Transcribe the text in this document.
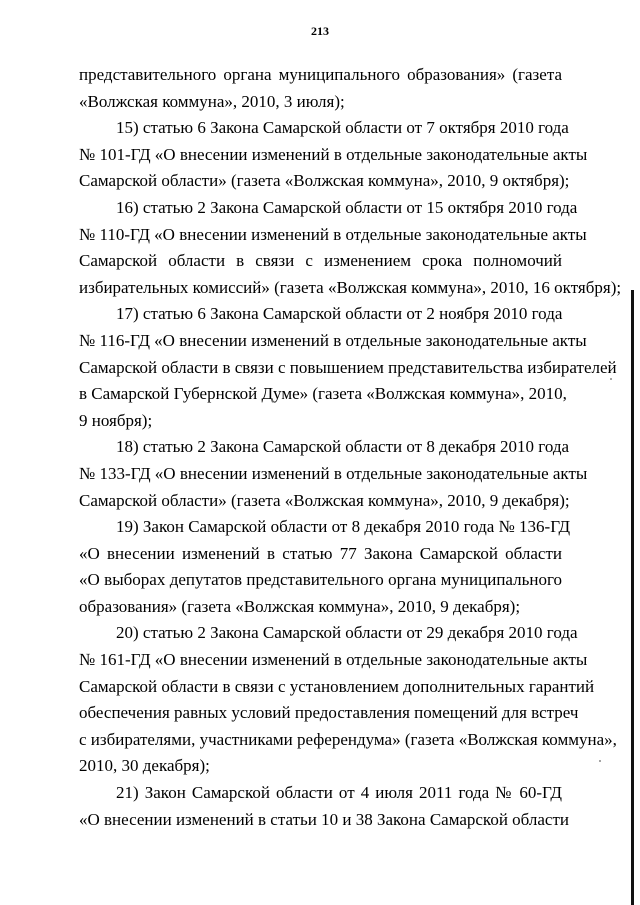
213
представительного органа муниципального образования» (газета
«Волжская коммуна», 2010, 3 июля);
15) статью 6 Закона Самарской области от 7 октября 2010 года
№ 101-ГД «О внесении изменений в отдельные законодательные акты
Самарской области» (газета «Волжская коммуна», 2010, 9 октября);
16) статью 2 Закона Самарской области от 15 октября 2010 года
№ 110-ГД «О внесении изменений в отдельные законодательные акты
Самарской области в связи с изменением срока полномочий
избирательных комиссий» (газета «Волжская коммуна», 2010, 16 октября);
17) статью 6 Закона Самарской области от 2 ноября 2010 года
№ 116-ГД «О внесении изменений в отдельные законодательные акты
Самарской области в связи с повышением представительства избирателей
в Самарской Губернской Думе» (газета «Волжская коммуна», 2010,
9 ноября);
18) статью 2 Закона Самарской области от 8 декабря 2010 года
№ 133-ГД «О внесении изменений в отдельные законодательные акты
Самарской области» (газета «Волжская коммуна», 2010, 9 декабря);
19) Закон Самарской области от 8 декабря 2010 года № 136-ГД
«О внесении изменений в статью 77 Закона Самарской области
«О выборах депутатов представительного органа муниципального
образования» (газета «Волжская коммуна», 2010, 9 декабря);
20) статью 2 Закона Самарской области от 29 декабря 2010 года
№ 161-ГД «О внесении изменений в отдельные законодательные акты
Самарской области в связи с установлением дополнительных гарантий
обеспечения равных условий предоставления помещений для встреч
с избирателями, участниками референдума» (газета «Волжская коммуна»,
2010, 30 декабря);
21) Закон Самарской области от 4 июля 2011 года № 60-ГД
«О внесении изменений в статьи 10 и 38 Закона Самарской области
